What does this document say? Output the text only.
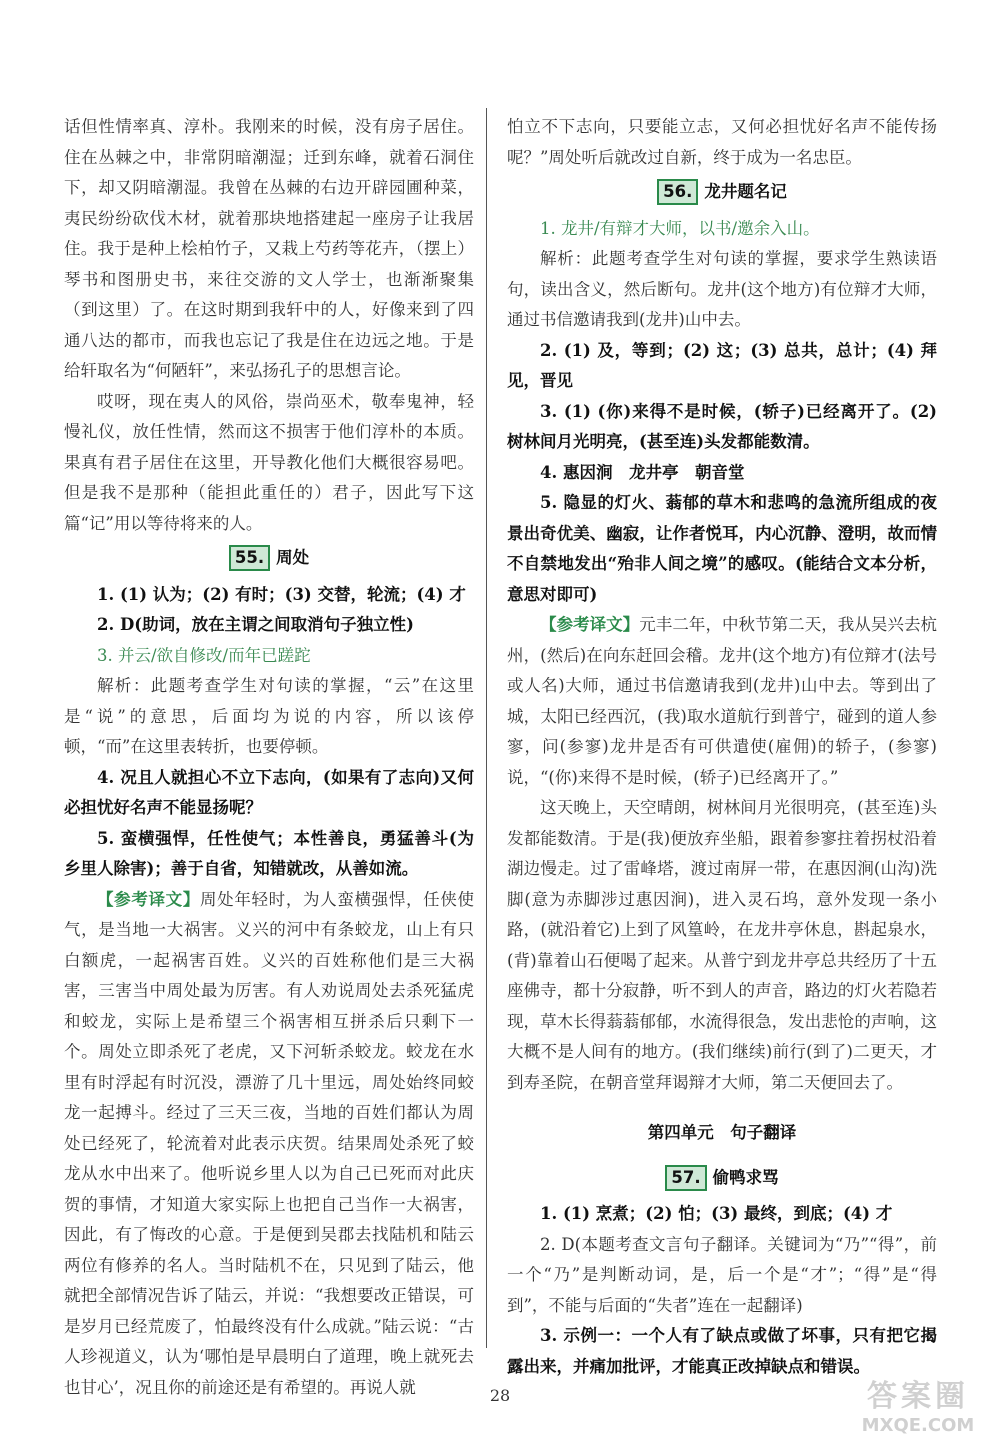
话但性情率真、淳朴。我刚来的时候，没有房子居住。住在丛棘之中，非常阴暗潮湿；迁到东峰，就着石洞住下，却又阴暗潮湿。我曾在丛棘的右边开辟园圃种菜，夷民纷纷砍伐木材，就着那块地搭建起一座房子让我居住。我于是种上桧柏竹子，又栽上芍药等花卉，（摆上）琴书和图册史书，来往交游的文人学士，也渐渐聚集（到这里）了。在这时期到我轩中的人，好像来到了四通八达的都市，而我也忘记了我是住在边远之地。于是给轩取名为“何陋轩”，来弘扬孔子的思想言论。

哎呀，现在夷人的风俗，崇尚巫术，敬奉鬼神，轻慢礼仪，放任性情，然而这不损害于他们淳朴的本质。果真有君子居住在这里，开导教化他们大概很容易吧。但是我不是那种（能担此重任的）君子，因此写下这篇“记”用以等待将来的人。

55. 周处

1. (1) 认为；(2) 有时；(3) 交替，轮流；(4) 才

2. D(助词，放在主谓之间取消句子独立性)

3. 并云/欲自修改/而年已蹉跎

解析：此题考查学生对句读的掌握，“云”在这里是“说”的意思，后面均为说的内容，所以该停顿，“而”在这里表转折，也要停顿。

4. 况且人就担心不立下志向，(如果有了志向)又何必担忧好名声不能显扬呢？

5. 蛮横强悍，任性使气；本性善良，勇猛善斗(为乡里人除害)；善于自省，知错就改，从善如流。

【参考译文】周处年轻时，为人蛮横强悍，任侠使气，是当地一大祸害。义兴的河中有条蛟龙，山上有只白额虎，一起祸害百姓。义兴的百姓称他们是三大祸害，三害当中周处最为厉害。有人劝说周处去杀死猛虎和蛟龙，实际上是希望三个祸害相互拼杀后只剩下一个。周处立即杀死了老虎，又下河斩杀蛟龙。蛟龙在水里有时浮起有时沉没，漂游了几十里远，周处始终同蛟龙一起搏斗。经过了三天三夜，当地的百姓们都认为周处已经死了，轮流着对此表示庆贺。结果周处杀死了蛟龙从水中出来了。他听说乡里人以为自己已死而对此庆贺的事情，才知道大家实际上也把自己当作一大祸害，因此，有了悔改的心意。于是便到吴郡去找陆机和陆云两位有修养的名人。当时陆机不在，只见到了陆云，他就把全部情况告诉了陆云，并说：“我想要改正错误，可是岁月已经荒废了，怕最终没有什么成就。”陆云说：“古人珍视道义，认为‘哪怕是早晨明白了道理，晚上就死去也甘心’，况且你的前途还是有希望的。再说人就

怕立不下志向，只要能立志，又何必担忧好名声不能传扬呢？”周处听后就改过自新，终于成为一名忠臣。

56. 龙井题名记

1. 龙井/有辩才大师，以书/邀余入山。

解析：此题考查学生对句读的掌握，要求学生熟读语句，读出含义，然后断句。龙井(这个地方)有位辩才大师，通过书信邀请我到(龙井)山中去。

2. (1) 及，等到；(2) 这；(3) 总共，总计；(4) 拜见，晋见

3. (1) (你)来得不是时候，(轿子)已经离开了。(2) 树林间月光明亮，(甚至连)头发都能数清。

4. 惠因涧　龙井亭　朝音堂

5. 隐显的灯火、蓊郁的草木和悲鸣的急流所组成的夜景出奇优美、幽寂，让作者悦耳，内心沉静、澄明，故而情不自禁地发出“殆非人间之境”的感叹。(能结合文本分析，意思对即可)

【参考译文】元丰二年，中秋节第二天，我从吴兴去杭州，(然后)在向东赶回会稽。龙井(这个地方)有位辩才(法号或人名)大师，通过书信邀请我到(龙井)山中去。等到出了城，太阳已经西沉，(我)取水道航行到普宁，碰到的道人参寥，问(参寥)龙井是否有可供遣使(雇佣)的轿子，(参寥)说，“(你)来得不是时候，(轿子)已经离开了。”

这天晚上，天空晴朗，树林间月光很明亮，(甚至连)头发都能数清。于是(我)便放弃坐船，跟着参寥拄着拐杖沿着湖边慢走。过了雷峰塔，渡过南屏一带，在惠因涧(山沟)洗脚(意为赤脚涉过惠因涧)，进入灵石坞，意外发现一条小路，(就沿着它)上到了风篁岭，在龙井亭休息，斟起泉水，(背)靠着山石便喝了起来。从普宁到龙井亭总共经历了十五座佛寺，都十分寂静，听不到人的声音，路边的灯火若隐若现，草木长得蓊蓊郁郁，水流得很急，发出悲怆的声响，这大概不是人间有的地方。(我们继续)前行(到了)二更天，才到寿圣院，在朝音堂拜谒辩才大师，第二天便回去了。

第四单元　句子翻译
57. 偷鸭求骂

1. (1) 烹煮；(2) 怕；(3) 最终，到底；(4) 才

2. D(本题考查文言句子翻译。关键词为“乃”“得”，前一个“乃”是判断动词，是，后一个是“才”；“得”是“得到”，不能与后面的“失者”连在一起翻译)

3. 示例一：一个人有了缺点或做了坏事，只有把它揭露出来，并痛加批评，才能真正改掉缺点和错误。

28	答案圈
MXQE.COM
